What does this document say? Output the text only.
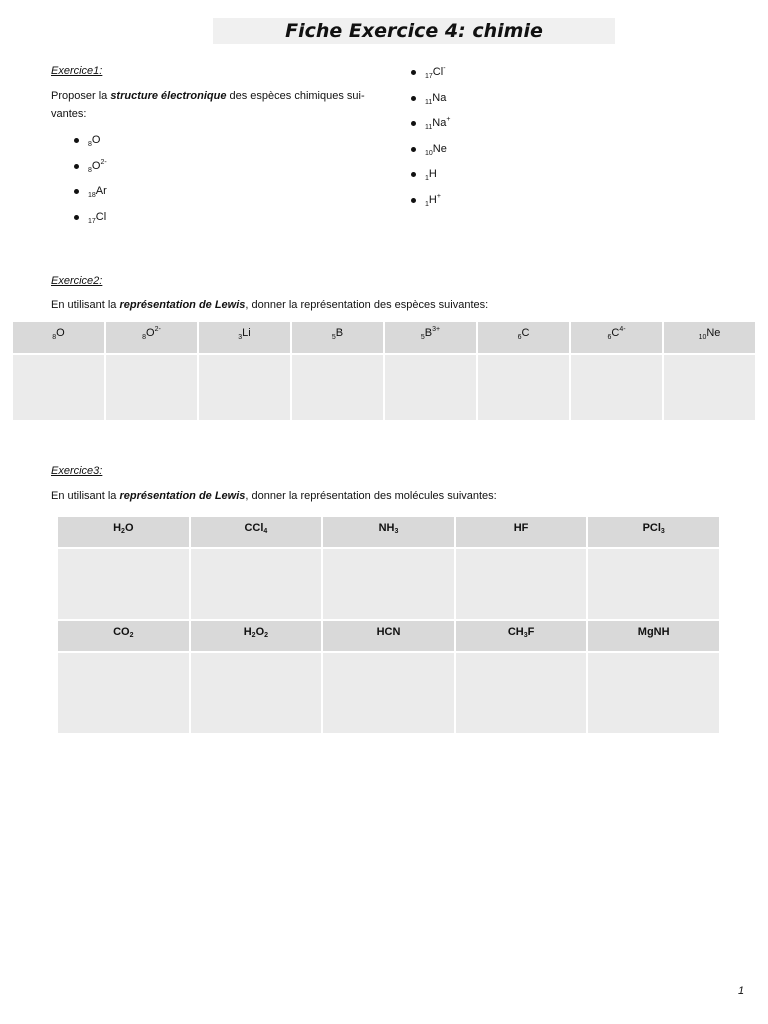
Fiche Exercice 4: chimie
Exercice1:
Proposer la structure électronique des espèces chimiques sui-
vantes:
$_8$O
$_8O^{2-}$
$_{18}$Ar
$_{17}$Cl
$_{17}$Cl-
$_{11}$Na
$_{11}$Na+
$_{10}$Ne
$_1$H
$_1$H+
Exercice2:
En utilisant la représentation de Lewis, donner la représentation des espèces suivantes:
$_8$O	$_8O^{2-}$	$_3$Li	$_5$B	$_5B^{3+}$	$_6$C	$_6C^{4-}$	$_{10}$Ne

Exercice3:
En utilisant la représentation de Lewis, donner la représentation des molécules suivantes:
H2O	CCl4	NH3	HF	PCl3

CO2	H2O2	HCN	CH3F	MgNH

1
